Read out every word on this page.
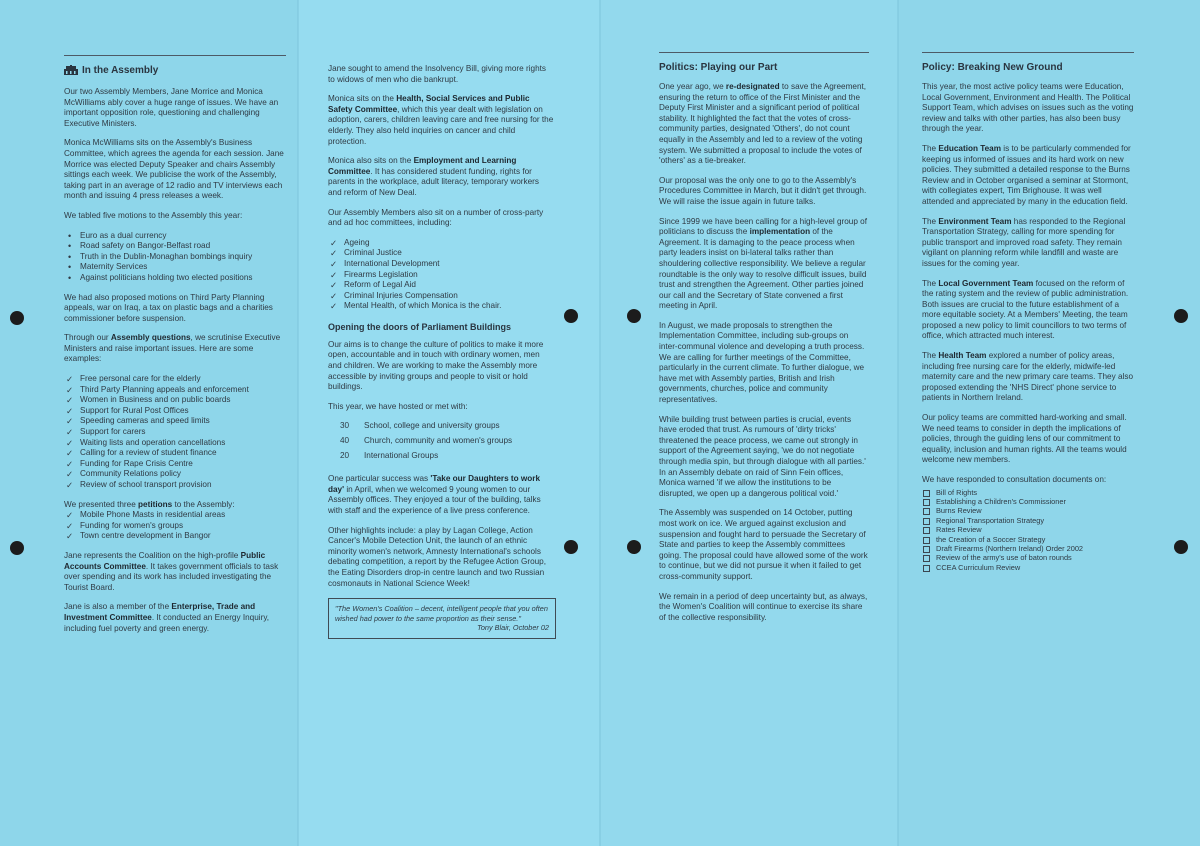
In the Assembly

Our two Assembly Members, Jane Morrice and Monica McWilliams ably cover a huge range of issues. We have an important opposition role, questioning and challenging Executive Ministers.

Monica McWilliams sits on the Assembly's Business Committee, which agrees the agenda for each session. Jane Morrice was elected Deputy Speaker and chairs Assembly sittings each week. We publicise the work of the Assembly, taking part in an average of 12 radio and TV interviews each month and issuing 4 press releases a week.

We tabled five motions to the Assembly this year:

• Euro as a dual currency
• Road safety on Bangor-Belfast road
• Truth in the Dublin-Monaghan bombings inquiry
• Maternity Services
• Against politicians holding two elected positions

We had also proposed motions on Third Party Planning appeals, war on Iraq, a tax on plastic bags and a charities commissioner before suspension.

Through our Assembly questions, we scrutinise Executive Ministers and raise important issues. Here are some examples:

✓ Free personal care for the elderly
✓ Third Party Planning appeals and enforcement
✓ Women in Business and on public boards
✓ Support for Rural Post Offices
✓ Speeding cameras and speed limits
✓ Support for carers
✓ Waiting lists and operation cancellations
✓ Calling for a review of student finance
✓ Funding for Rape Crisis Centre
✓ Community Relations policy
✓ Review of school transport provision

We presented three petitions to the Assembly:

✓ Mobile Phone Masts in residential areas
✓ Funding for women's groups
✓ Town centre development in Bangor

Jane represents the Coalition on the high-profile Public Accounts Committee. It takes government officials to task over spending and its work has included investigating the Tourist Board.

Jane is also a member of the Enterprise, Trade and Investment Committee. It conducted an Energy Inquiry, including fuel poverty and green energy.

Jane sought to amend the Insolvency Bill, giving more rights to widows of men who die bankrupt.

Monica sits on the Health, Social Services and Public Safety Committee, which this year dealt with legislation on adoption, carers, children leaving care and free nursing for the elderly. They also held inquiries on cancer and child protection.

Monica also sits on the Employment and Learning Committee. It has considered student funding, rights for parents in the workplace, adult literacy, temporary workers and reform of New Deal.

Our Assembly Members also sit on a number of cross-party and ad hoc committees, including:

✓ Ageing
✓ Criminal Justice
✓ International Development
✓ Firearms Legislation
✓ Reform of Legal Aid
✓ Criminal Injuries Compensation
✓ Mental Health, of which Monica is the chair.
Opening the doors of Parliament Buildings

Our aims is to change the culture of politics to make it more open, accountable and in touch with ordinary women, men and children. We are working to make the Assembly more accessible by inviting groups and people to visit or hold buildings.

This year, we have hosted or met with:

30	School, college and university groups
40	Church, community and women's groups
20	International Groups

One particular success was 'Take our Daughters to work day' in April, when we welcomed 9 young women to our Assembly offices. They enjoyed a tour of the building, talks with staff and the experience of a live press conference.

Other highlights include: a play by Lagan College, Action Cancer's Mobile Detection Unit, the launch of an ethnic minority women's network, Amnesty International's schools debating competition, a report by the Refugee Action Group, the Eating Disorders drop-in centre launch and two Russian cosmonauts in National Science Week!

"The Women's Coalition – decent, intelligent people that you often wished had power to the same proportion as their sense."
Tony Blair, October 02
Politics: Playing our Part

One year ago, we re-designated to save the Agreement, ensuring the return to office of the First Minister and the Deputy First Minister and a significant period of political stability. It highlighted the fact that the votes of cross-community parties, designated 'Others', do not count equally in the Assembly and led to a review of the voting system. We submitted a proposal to include the votes of 'others' as a tie-breaker.

Our proposal was the only one to go to the Assembly's Procedures Committee in March, but it didn't get through. We will raise the issue again in future talks.

Since 1999 we have been calling for a high-level group of politicians to discuss the implementation of the Agreement. It is damaging to the peace process when party leaders insist on bi-lateral talks rather than shouldering collective responsibility. We believe a regular roundtable is the only way to resolve difficult issues, build trust and strengthen the Agreement. Other parties joined our call and the Secretary of State convened a first meeting in April.

In August, we made proposals to strengthen the Implementation Committee, including sub-groups on inter-communal violence and developing a truth process. We are calling for further meetings of the Committee, particularly in the current climate. To further dialogue, we have met with Assembly parties, British and Irish governments, churches, police and community representatives.

While building trust between parties is crucial, events have eroded that trust. As rumours of 'dirty tricks' threatened the peace process, we came out strongly in support of the Agreement saying, 'we do not negotiate through media spin, but through dialogue with all parties.' In an Assembly debate on raid of Sinn Fein offices, Monica warned 'if we allow the institutions to be disrupted, we open up a dangerous political void.'

The Assembly was suspended on 14 October, putting most work on ice. We argued against exclusion and suspension and fought hard to persuade the Secretary of State and parties to keep the Assembly committees going. The proposal could have allowed some of the work to continue, but we did not pursue it when it failed to get cross-community support.

We remain in a period of deep uncertainty but, as always, the Women's Coalition will continue to exercise its share of the collective responsibility.

Policy: Breaking New Ground

This year, the most active policy teams were Education, Local Government, Environment and Health. The Political Support Team, which advises on issues such as the voting review and talks with other parties, has also been busy through the year.

The Education Team is to be particularly commended for keeping us informed of issues and its hard work on new policies. They submitted a detailed response to the Burns Review and in October organised a seminar at Stormont, with collegiates expert, Tim Brighouse. It was well attended and appreciated by many in the education field.

The Environment Team has responded to the Regional Transportation Strategy, calling for more spending for public transport and improved road safety. They remain vigilant on planning reform while landfill and waste are issues for the coming year.

The Local Government Team focused on the reform of the rating system and the review of public administration. Both issues are crucial to the future establishment of a more equitable society. At a Members' Meeting, the team proposed a new policy to limit councillors to two terms of office, which attracted much interest.

The Health Team explored a number of policy areas, including free nursing care for the elderly, midwife-led maternity care and the new primary care teams. They also proposed extending the 'NHS Direct' phone service to patients in Northern Ireland.

Our policy teams are committed hard-working and small. We need teams to consider in depth the implications of policies, through the guiding lens of our commitment to equality, inclusion and human rights. All the teams would welcome new members.

We have responded to consultation documents on:

Bill of Rights
Establishing a Children's Commissioner
Burns Review
Regional Transportation Strategy
Rates Review
the Creation of a Soccer Strategy
Draft Firearms (Northern Ireland) Order 2002
Review of the army's use of baton rounds
CCEA Curriculum Review
